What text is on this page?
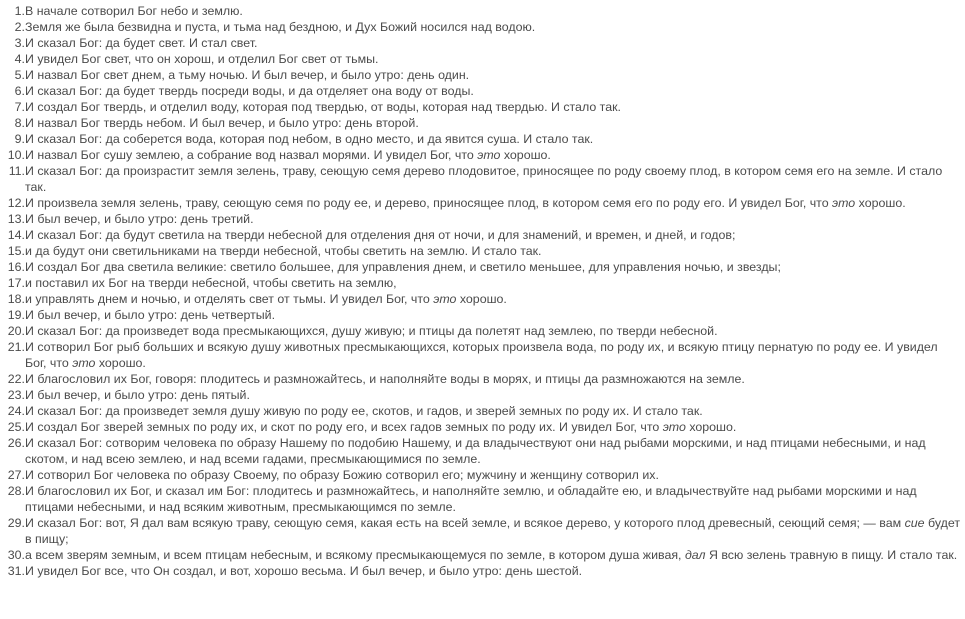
1. В начале сотворил Бог небо и землю.
2. Земля же была безвидна и пуста, и тьма над бездною, и Дух Божий носился над водою.
3. И сказал Бог: да будет свет. И стал свет.
4. И увидел Бог свет, что он хорош, и отделил Бог свет от тьмы.
5. И назвал Бог свет днем, а тьму ночью. И был вечер, и было утро: день один.
6. И сказал Бог: да будет твердь посреди воды, и да отделяет она воду от воды.
7. И создал Бог твердь, и отделил воду, которая под твердью, от воды, которая над твердью. И стало так.
8. И назвал Бог твердь небом. И был вечер, и было утро: день второй.
9. И сказал Бог: да соберется вода, которая под небом, в одно место, и да явится суша. И стало так.
10. И назвал Бог сушу землею, а собрание вод назвал морями. И увидел Бог, что это хорошо.
11. И сказал Бог: да произрастит земля зелень, траву, сеющую семя дерево плодовитое, приносящее по роду своему плод, в котором семя его на земле. И стало так.
12. И произвела земля зелень, траву, сеющую семя по роду ее, и дерево, приносящее плод, в котором семя его по роду его. И увидел Бог, что это хорошо.
13. И был вечер, и было утро: день третий.
14. И сказал Бог: да будут светила на тверди небесной для отделения дня от ночи, и для знамений, и времен, и дней, и годов;
15. и да будут они светильниками на тверди небесной, чтобы светить на землю. И стало так.
16. И создал Бог два светила великие: светило большее, для управления днем, и светило меньшее, для управления ночью, и звезды;
17. и поставил их Бог на тверди небесной, чтобы светить на землю,
18. и управлять днем и ночью, и отделять свет от тьмы. И увидел Бог, что это хорошо.
19. И был вечер, и было утро: день четвертый.
20. И сказал Бог: да произведет вода пресмыкающихся, душу живую; и птицы да полетят над землею, по тверди небесной.
21. И сотворил Бог рыб больших и всякую душу животных пресмыкающихся, которых произвела вода, по роду их, и всякую птицу пернатую по роду ее. И увидел Бог, что это хорошо.
22. И благословил их Бог, говоря: плодитесь и размножайтесь, и наполняйте воды в морях, и птицы да размножаются на земле.
23. И был вечер, и было утро: день пятый.
24. И сказал Бог: да произведет земля душу живую по роду ее, скотов, и гадов, и зверей земных по роду их. И стало так.
25. И создал Бог зверей земных по роду их, и скот по роду его, и всех гадов земных по роду их. И увидел Бог, что это хорошо.
26. И сказал Бог: сотворим человека по образу Нашему по подобию Нашему, и да владычествуют они над рыбами морскими, и над птицами небесными, и над скотом, и над всею землею, и над всеми гадами, пресмыкающимися по земле.
27. И сотворил Бог человека по образу Своему, по образу Божию сотворил его; мужчину и женщину сотворил их.
28. И благословил их Бог, и сказал им Бог: плодитесь и размножайтесь, и наполняйте землю, и обладайте ею, и владычествуйте над рыбами морскими и над птицами небесными, и над всяким животным, пресмыкающимся по земле.
29. И сказал Бог: вот, Я дал вам всякую траву, сеющую семя, какая есть на всей земле, и всякое дерево, у которого плод древесный, сеющий семя; — вам сие будет в пищу;
30. а всем зверям земным, и всем птицам небесным, и всякому пресмыкающемуся по земле, в котором душа живая, дал Я всю зелень травную в пищу. И стало так.
31. И увидел Бог все, что Он создал, и вот, хорошо весьма. И был вечер, и было утро: день шестой.
